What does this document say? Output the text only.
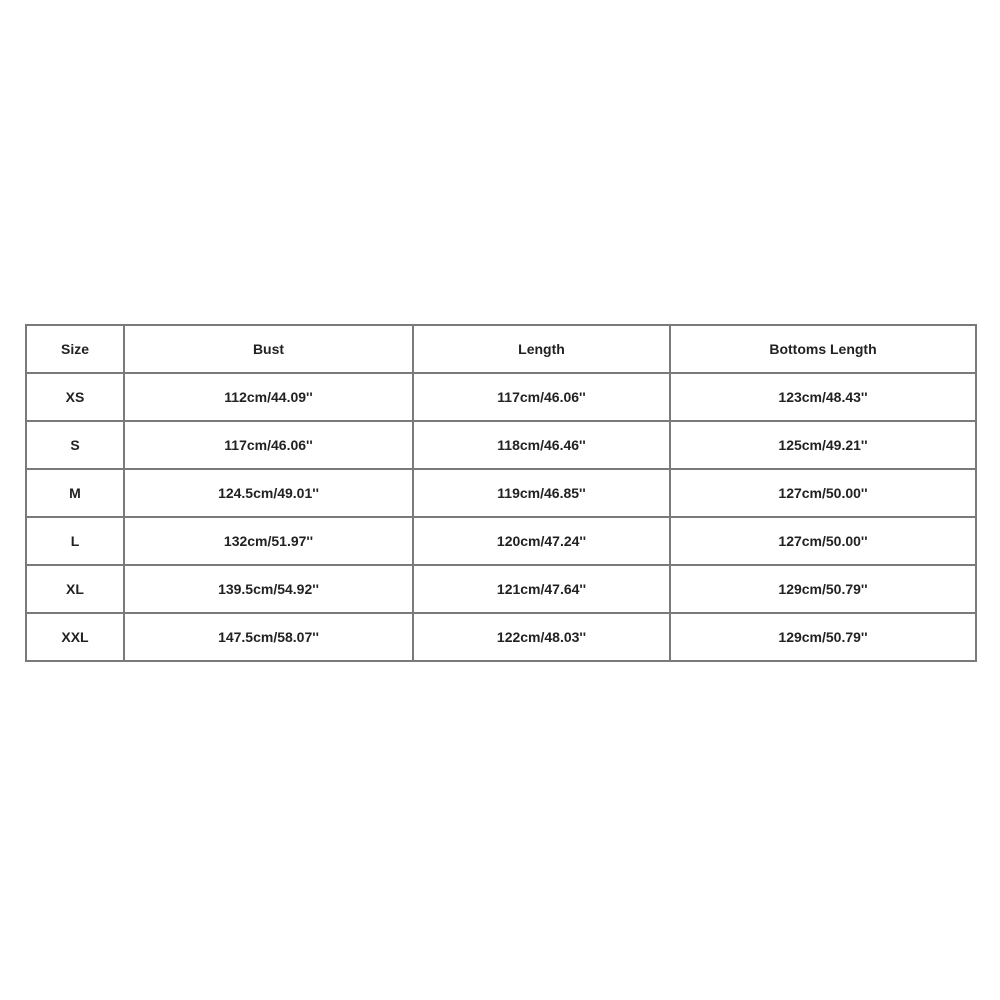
Size	Bust	Length	Bottoms Length
XS	112cm/44.09''	117cm/46.06''	123cm/48.43''
S	117cm/46.06''	118cm/46.46''	125cm/49.21''
M	124.5cm/49.01''	119cm/46.85''	127cm/50.00''
L	132cm/51.97''	120cm/47.24''	127cm/50.00''
XL	139.5cm/54.92''	121cm/47.64''	129cm/50.79''
XXL	147.5cm/58.07''	122cm/48.03''	129cm/50.79''
